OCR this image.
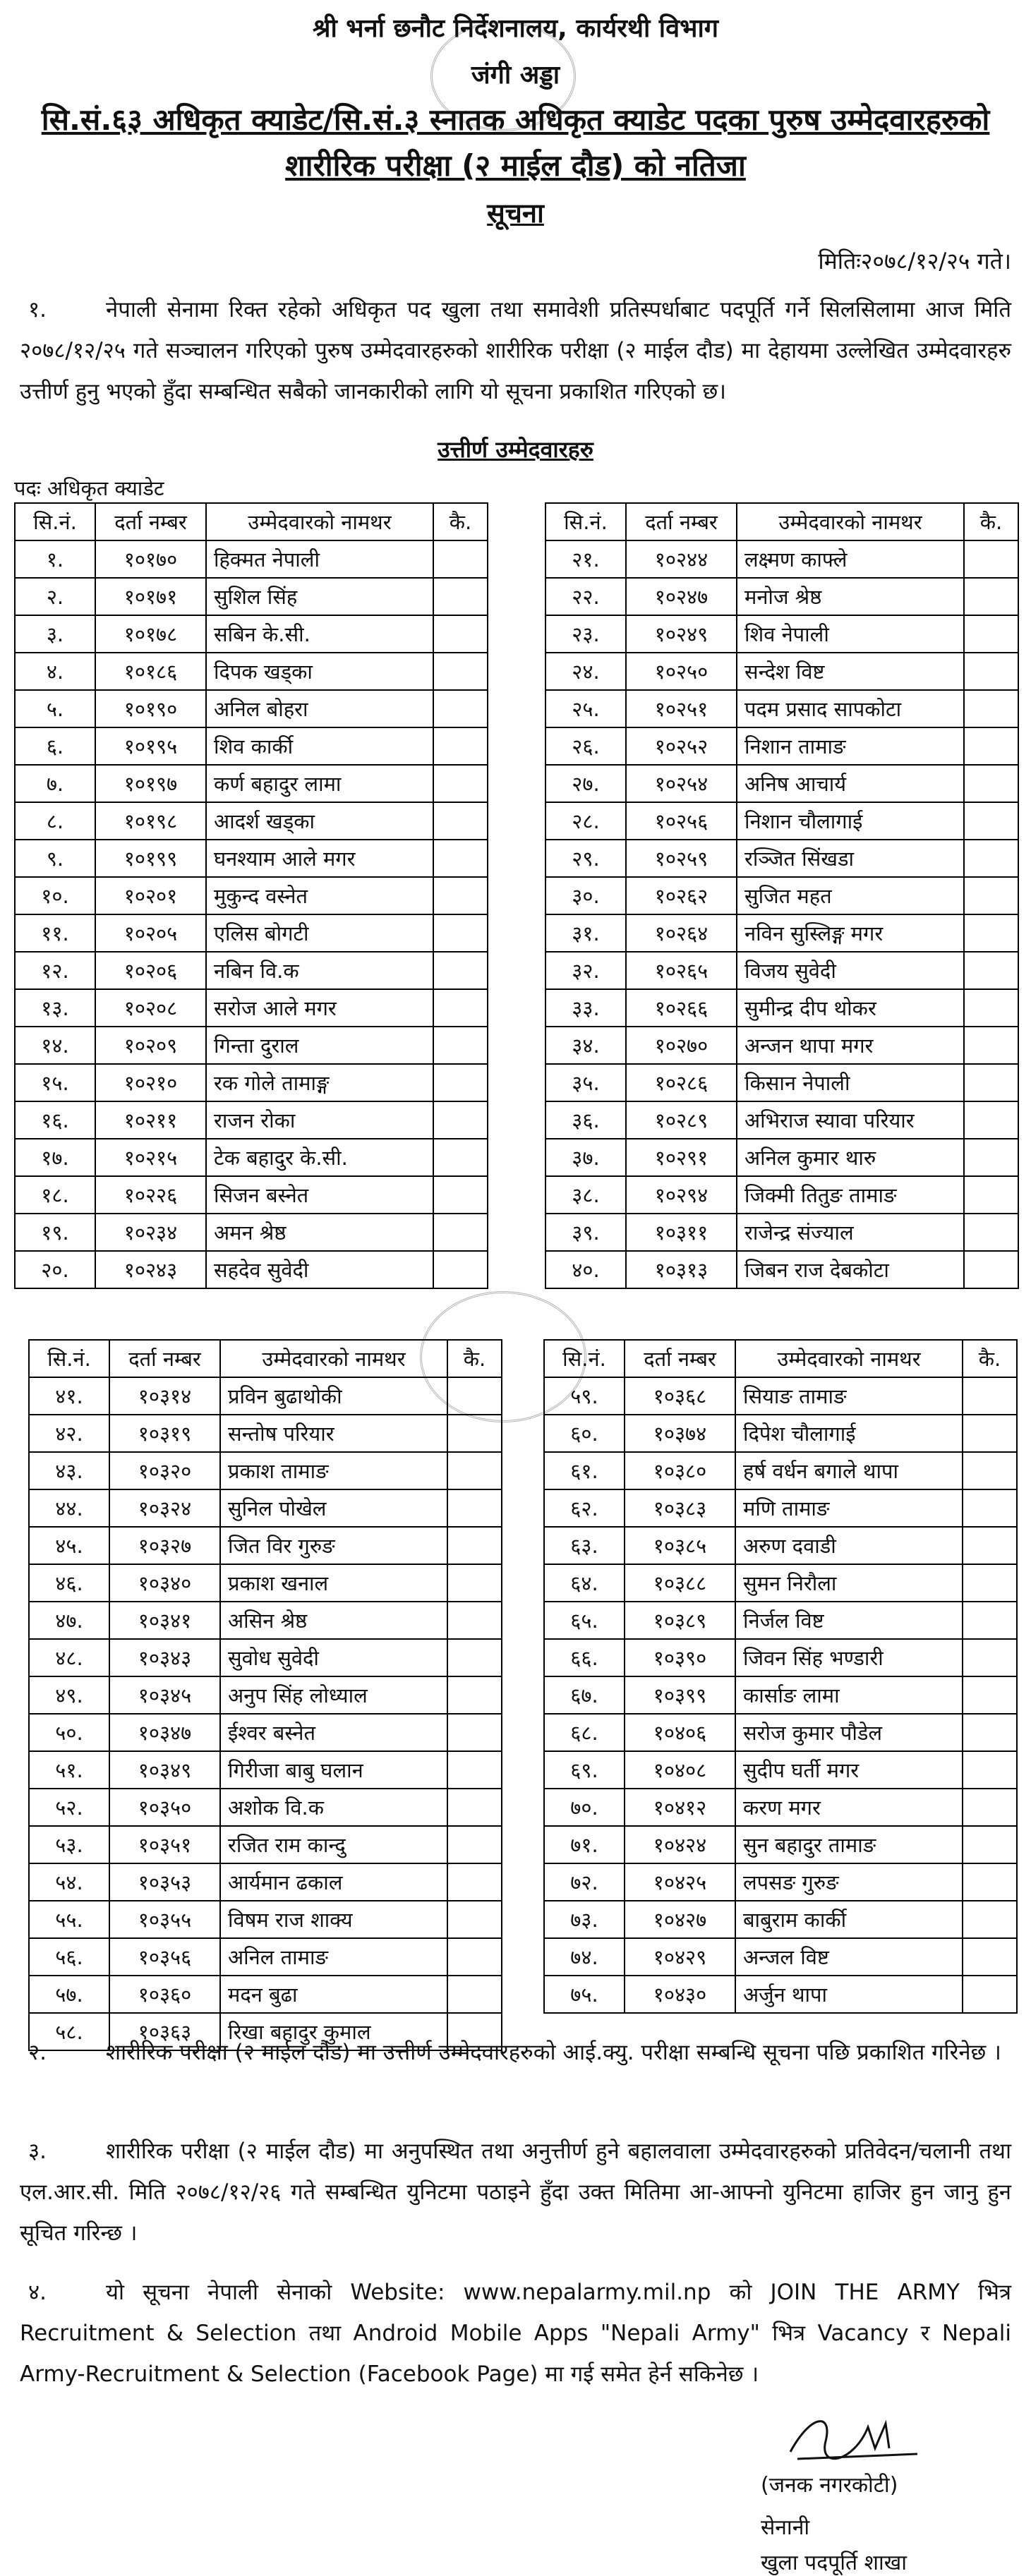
श्री भर्ना छनौट निर्देशनालय, कार्यरथी विभाग
जंगी अड्डा
सि.सं.६३ अधिकृत क्याडेट/सि.सं.३ स्नातक अधिकृत क्याडेट पदका पुरुष उम्मेदवारहरुको
शारीरिक परीक्षा (२ माईल दौड) को नतिजा
सूचना
मितिः२०७८/१२/२५ गते।
१.	नेपाली सेनामा रिक्त रहेको अधिकृत पद खुला तथा समावेशी प्रतिस्पर्धाबाट पदपूर्ति गर्ने सिलसिलामा आज मिति २०७८/१२/२५ गते सञ्चालन गरिएको पुरुष उम्मेदवारहरुको शारीरिक परीक्षा (२ माईल दौड) मा देहायमा उल्लेखित उम्मेदवारहरु उत्तीर्ण हुनु भएको हुँदा सम्बन्धित सबैको जानकारीको लागि यो सूचना प्रकाशित गरिएको छ।
उत्तीर्ण उम्मेदवारहरु
पदः अधिकृत क्याडेट
सि.नं.	दर्ता नम्बर	उम्मेदवारको नामथर	कै.
१.	१०१७०	हिक्मत नेपाली	
२.	१०१७१	सुशिल सिंह	
३.	१०१७८	सबिन के.सी.	
४.	१०१८६	दिपक खड्का	
५.	१०१९०	अनिल बोहरा	
६.	१०१९५	शिव कार्की	
७.	१०१९७	कर्ण बहादुर लामा	
८.	१०१९८	आदर्श खड्का	
९.	१०१९९	घनश्याम आले मगर	
१०.	१०२०१	मुकुन्द वस्नेत	
११.	१०२०५	एलिस बोगटी	
१२.	१०२०६	नबिन वि.क	
१३.	१०२०८	सरोज आले मगर	
१४.	१०२०९	गिन्ता दुराल	
१५.	१०२१०	रक गोले तामाङ्ग	
१६.	१०२११	राजन रोका	
१७.	१०२१५	टेक बहादुर के.सी.	
१८.	१०२२६	सिजन बस्नेत	
१९.	१०२३४	अमन श्रेष्ठ	
२०.	१०२४३	सहदेव सुवेदी	
सि.नं.	दर्ता नम्बर	उम्मेदवारको नामथर	कै.
२१.	१०२४४	लक्ष्मण काफ्ले	
२२.	१०२४७	मनोज श्रेष्ठ	
२३.	१०२४९	शिव नेपाली	
२४.	१०२५०	सन्देश विष्ट	
२५.	१०२५१	पदम प्रसाद सापकोटा	
२६.	१०२५२	निशान तामाङ	
२७.	१०२५४	अनिष आचार्य	
२८.	१०२५६	निशान चौलागाई	
२९.	१०२५९	रञ्जित सिंखडा	
३०.	१०२६२	सुजित महत	
३१.	१०२६४	नविन सुस्लिङ्ग मगर	
३२.	१०२६५	विजय सुवेदी	
३३.	१०२६६	सुमीन्द्र दीप थोकर	
३४.	१०२७०	अन्जन थापा मगर	
३५.	१०२८६	किसान नेपाली	
३६.	१०२८९	अभिराज स्यावा परियार	
३७.	१०२९१	अनिल कुमार थारु	
३८.	१०२९४	जिक्मी तितुङ तामाङ	
३९.	१०३११	राजेन्द्र संज्याल	
४०.	१०३१३	जिबन राज देबकोटा	
सि.नं.	दर्ता नम्बर	उम्मेदवारको नामथर	कै.
४१.	१०३१४	प्रविन बुढाथोकी	
४२.	१०३१९	सन्तोष परियार	
४३.	१०३२०	प्रकाश तामाङ	
४४.	१०३२४	सुनिल पोखेल	
४५.	१०३२७	जित विर गुरुङ	
४६.	१०३४०	प्रकाश खनाल	
४७.	१०३४१	असिन श्रेष्ठ	
४८.	१०३४३	सुवोध सुवेदी	
४९.	१०३४५	अनुप सिंह लोध्याल	
५०.	१०३४७	ईश्वर बस्नेत	
५१.	१०३४९	गिरीजा बाबु घलान	
५२.	१०३५०	अशोक वि.क	
५३.	१०३५१	रजित राम कान्दु	
५४.	१०३५३	आर्यमान ढकाल	
५५.	१०३५५	विषम राज शाक्य	
५६.	१०३५६	अनिल तामाङ	
५७.	१०३६०	मदन बुढा	
५८.	१०३६३	रिखा बहादुर कुमाल	
सि.नं.	दर्ता नम्बर	उम्मेदवारको नामथर	कै.
५९.	१०३६८	सियाङ तामाङ	
६०.	१०३७४	दिपेश चौलागाई	
६१.	१०३८०	हर्ष वर्धन बगाले थापा	
६२.	१०३८३	मणि तामाङ	
६३.	१०३८५	अरुण दवाडी	
६४.	१०३८८	सुमन निरौला	
६५.	१०३८९	निर्जल विष्ट	
६६.	१०३९०	जिवन सिंह भण्डारी	
६७.	१०३९९	कार्साङ लामा	
६८.	१०४०६	सरोज कुमार पौडेल	
६९.	१०४०८	सुदीप घर्ती मगर	
७०.	१०४१२	करण मगर	
७१.	१०४२४	सुन बहादुर तामाङ	
७२.	१०४२५	लपसङ गुरुङ	
७३.	१०४२७	बाबुराम कार्की	
७४.	१०४२९	अन्जल विष्ट	
७५.	१०४३०	अर्जुन थापा	
२.	शारीरिक परीक्षा (२ माईल दौड) मा उत्तीर्ण उम्मेदवारहरुको आई.क्यु. परीक्षा सम्बन्धि सूचना पछि प्रकाशित गरिनेछ ।
३.	शारीरिक परीक्षा (२ माईल दौड) मा अनुपस्थित तथा अनुत्तीर्ण हुने बहालवाला उम्मेदवारहरुको प्रतिवेदन/चलानी तथा एल.आर.सी. मिति २०७८/१२/२६ गते सम्बन्धित युनिटमा पठाइने हुँदा उक्त मितिमा आ-आफ्नो युनिटमा हाजिर हुन जानु हुन सूचित गरिन्छ ।
४.	यो सूचना नेपाली सेनाको Website: www.nepalarmy.mil.np को JOIN THE ARMY भित्र Recruitment & Selection तथा Android Mobile Apps "Nepali Army" भित्र Vacancy र Nepali Army-Recruitment & Selection (Facebook Page) मा गई समेत हेर्न सकिनेछ ।
(जनक नगरकोटी)
सेनानी
खुला पदपूर्ति शाखा
